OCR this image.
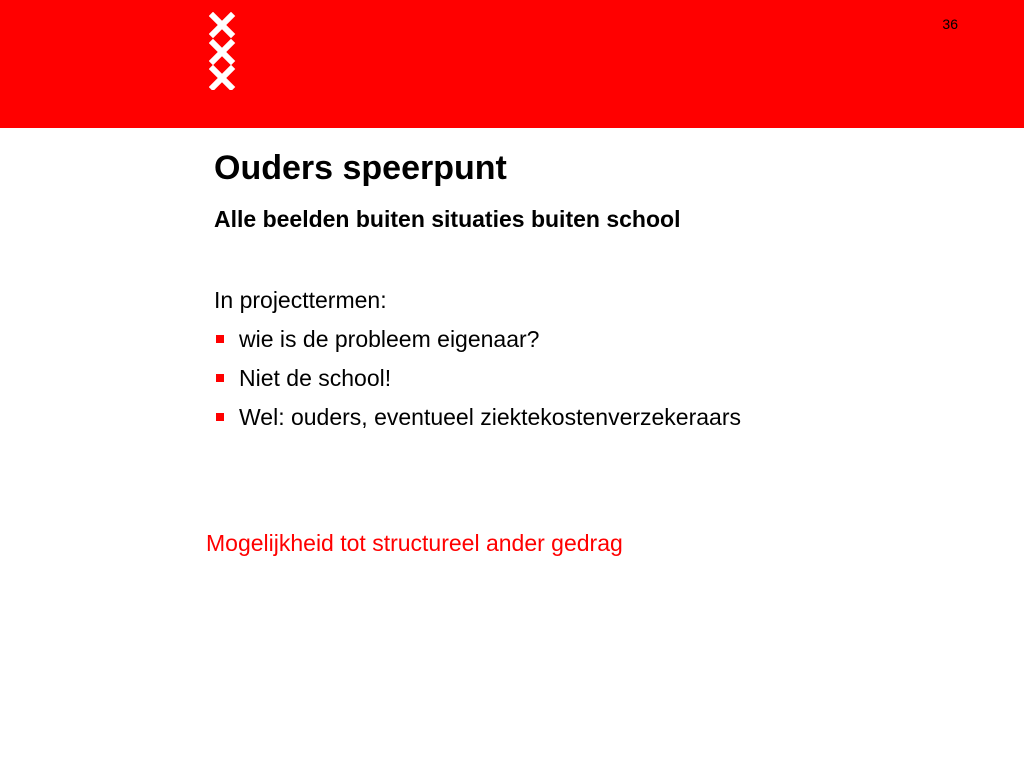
36
Ouders speerpunt
Alle beelden buiten situaties buiten school

In projecttermen:

wie is de probleem eigenaar?
Niet de school!
Wel: ouders, eventueel ziektekostenverzekeraars

Mogelijkheid tot structureel ander gedrag
